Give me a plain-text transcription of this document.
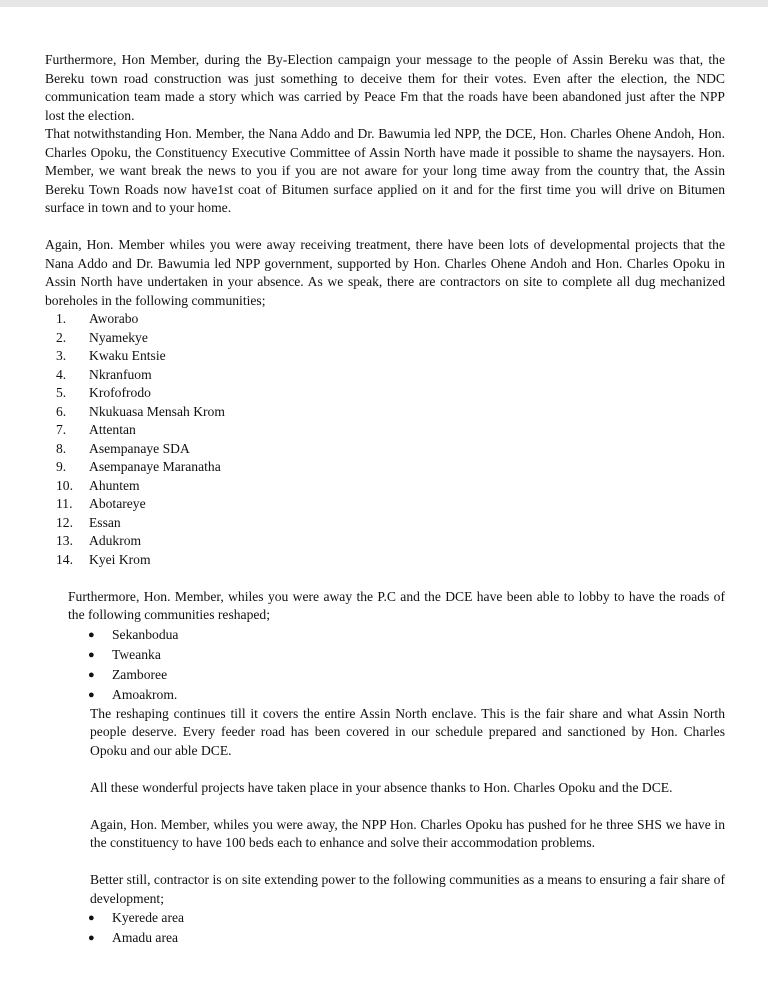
Furthermore, Hon Member, during the By-Election campaign your message to the people of Assin Bereku was that, the Bereku town road construction was just something to deceive them for their votes. Even after the election, the NDC communication team made a story which was carried by Peace Fm that the roads have been abandoned just after the NPP lost the election.

That notwithstanding Hon. Member, the Nana Addo and Dr. Bawumia led NPP, the DCE, Hon. Charles Ohene Andoh, Hon. Charles Opoku, the Constituency Executive Committee of Assin North have made it possible to shame the naysayers. Hon. Member, we want break the news to you if you are not aware for your long time away from the country that, the Assin Bereku Town Roads now have1st coat of Bitumen surface applied on it and for the first time you will drive on Bitumen surface in town and to your home.

Again, Hon. Member whiles you were away receiving treatment, there have been lots of developmental projects that the Nana Addo and Dr. Bawumia led NPP government, supported by Hon. Charles Ohene Andoh and Hon. Charles Opoku in Assin North have undertaken in your absence. As we speak, there are contractors on site to complete all dug mechanized boreholes in the following communities;

1.	Aworabo
2.	Nyamekye
3.	Kwaku Entsie
4.	Nkranfuom
5.	Krofofrodo
6.	Nkukuasa Mensah Krom
7.	Attentan
8.	Asempanaye SDA
9.	Asempanaye Maranatha
10.	Ahuntem
11.	Abotareye
12.	Essan
13.	Adukrom
14.	Kyei Krom

Furthermore, Hon. Member, whiles you were away the P.C and the DCE have been able to lobby to have the roads of the following communities reshaped;

●	Sekanbodua
●	Tweanka
●	Zamboree
●	Amoakrom.

The reshaping continues till it covers the entire Assin North enclave. This is the fair share and what Assin North people deserve. Every feeder road has been covered in our schedule prepared and sanctioned by Hon. Charles Opoku and our able DCE.

All these wonderful projects have taken place in your absence thanks to Hon. Charles Opoku and the DCE.

Again, Hon. Member, whiles you were away, the NPP Hon. Charles Opoku has pushed for he three SHS we have in the constituency to have 100 beds each to enhance and solve their accommodation problems.

Better still, contractor is on site extending power to the following communities as a means to ensuring a fair share of development;

●	Kyerede area
●	Amadu area
